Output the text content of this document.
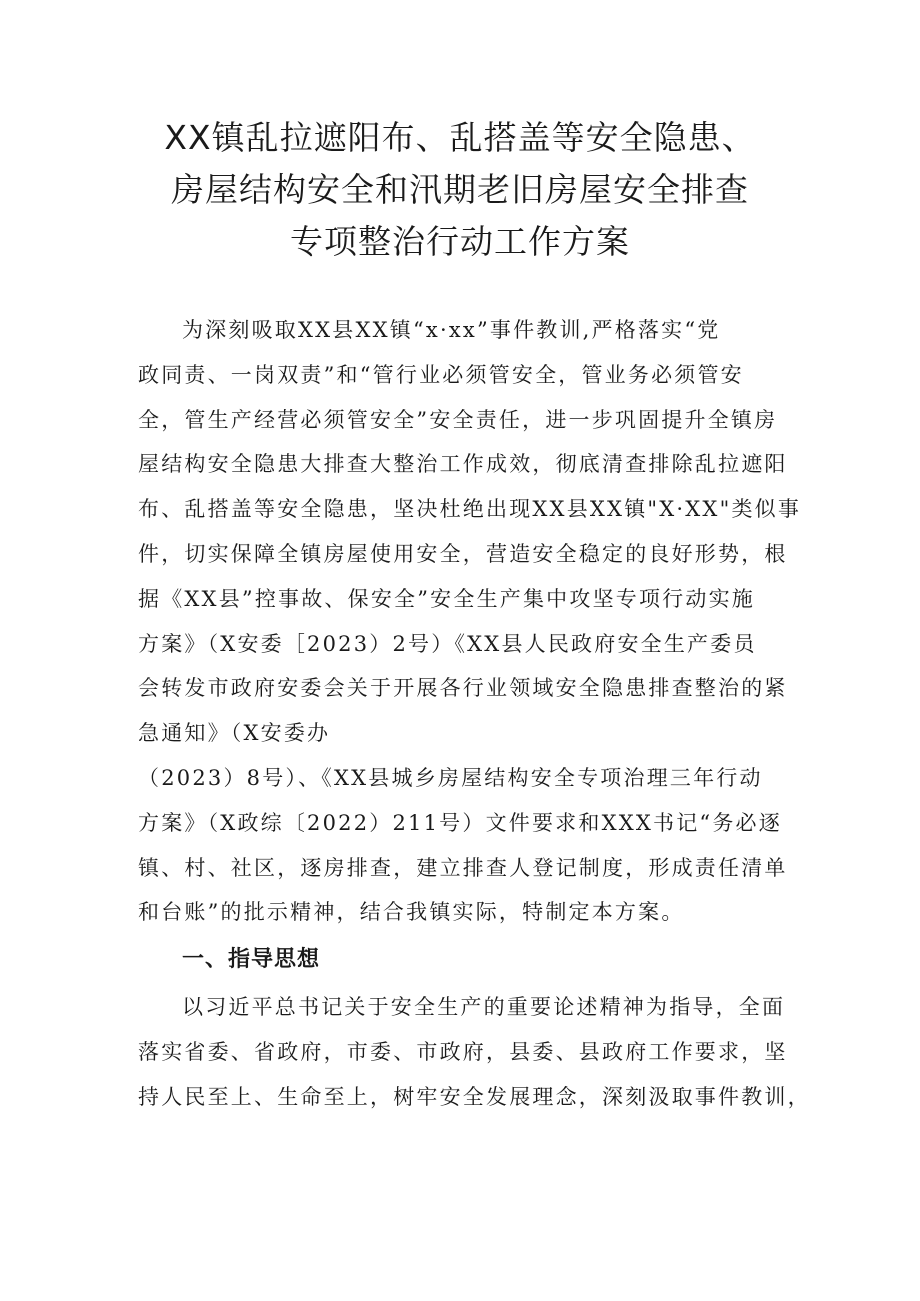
XX镇乱拉遮阳布、乱搭盖等安全隐患、
房屋结构安全和汛期老旧房屋安全排查
专项整治行动工作方案
为深刻吸取XX县XX镇“x·xx”事件教训,严格落实“党
政同责、一岗双责”和“管行业必须管安全，管业务必须管安
全，管生产经营必须管安全”安全责任，进一步巩固提升全镇房
屋结构安全隐患大排查大整治工作成效，彻底清查排除乱拉遮阳
布、乱搭盖等安全隐患，坚决杜绝出现XX县XX镇"X·XX"类似事
件，切实保障全镇房屋使用安全，营造安全稳定的良好形势，根
据《XX县”控事故、保安全”安全生产集中攻坚专项行动实施
方案》（X安委［2023）2号）《XX县人民政府安全生产委员
会转发市政府安委会关于开展各行业领域安全隐患排查整治的紧
急通知》（X安委办
（2023）8号）、《XX县城乡房屋结构安全专项治理三年行动
方案》（X政综〔2022）211号）文件要求和XXX书记“务必逐
镇、村、社区，逐房排查，建立排查人登记制度，形成责任清单
和台账”的批示精神，结合我镇实际，特制定本方案。
一、指导思想
以习近平总书记关于安全生产的重要论述精神为指导，全面
落实省委、省政府，市委、市政府，县委、县政府工作要求，坚
持人民至上、生命至上，树牢安全发展理念，深刻汲取事件教训，
